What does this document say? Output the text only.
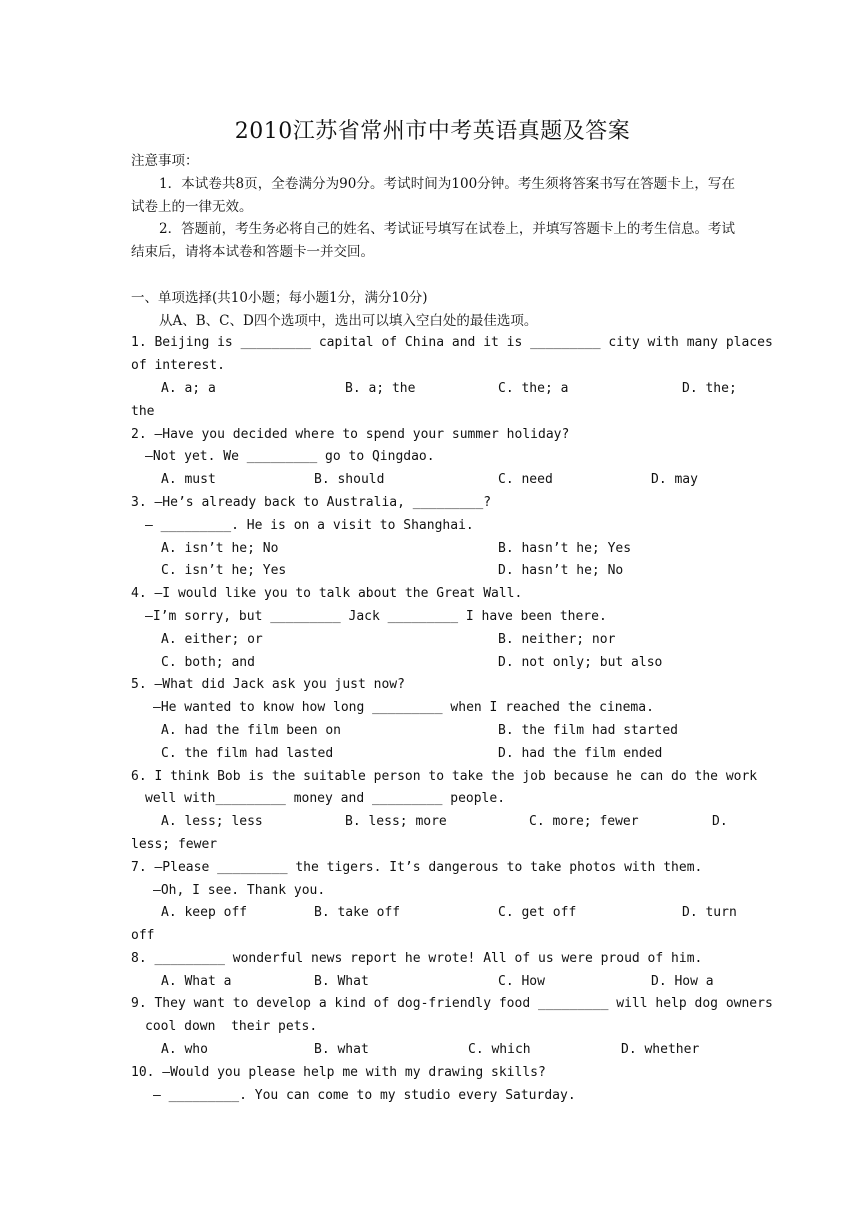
2010江苏省常州市中考英语真题及答案
注意事项：
1．本试卷共8页，全卷满分为90分。考试时间为100分钟。考生须将答案书写在答题卡上，写在试卷上的一律无效。
2．答题前，考生务必将自己的姓名、考试证号填写在试卷上，并填写答题卡上的考生信息。考试结束后，请将本试卷和答题卡一并交回。
一、单项选择(共10小题；每小题1分，满分10分)
从A、B、C、D四个选项中，选出可以填入空白处的最佳选项。
1. Beijing is _________ capital of China and it is _________ city with many places
of interest.

A. a; a

	B. a; the

	C. the; a

	D. the;

the
2. —Have you decided where to spend your summer holiday?
—Not yet. We _________ go to Qingdao.

A. must

	B. should

	C. need

	D. may

3. —He’s already back to Australia, _________?
— _________. He is on a visit to Shanghai.

A. isn’t he; No

	B. hasn’t he; Yes

C. isn’t he; Yes

	D. hasn’t he; No

4. —I would like you to talk about the Great Wall.
—I’m sorry, but _________ Jack _________ I have been there.

A. either; or

	B. neither; nor

C. both; and

	D. not only; but also

5. —What did Jack ask you just now?
—He wanted to know how long _________ when I reached the cinema.

A. had the film been on

	B. the film had started

C. the film had lasted

	D. had the film ended

6. I think Bob is the suitable person to take the job because he can do the work
well with_________ money and _________ people.

A. less; less

	B. less; more

	C. more; fewer

	D.

less; fewer
7. —Please _________ the tigers. It’s dangerous to take photos with them.
—Oh, I see. Thank you.

A. keep off

	B. take off

	C. get off

	D. turn

off
8. _________ wonderful news report he wrote! All of us were proud of him.

A. What a

	B. What

	C. How

	D. How a

9. They want to develop a kind of dog-friendly food _________ will help dog owners
cool down  their pets.

A. who

	B. what

	C. which

	D. whether

10. —Would you please help me with my drawing skills?
— _________. You can come to my studio every Saturday.
